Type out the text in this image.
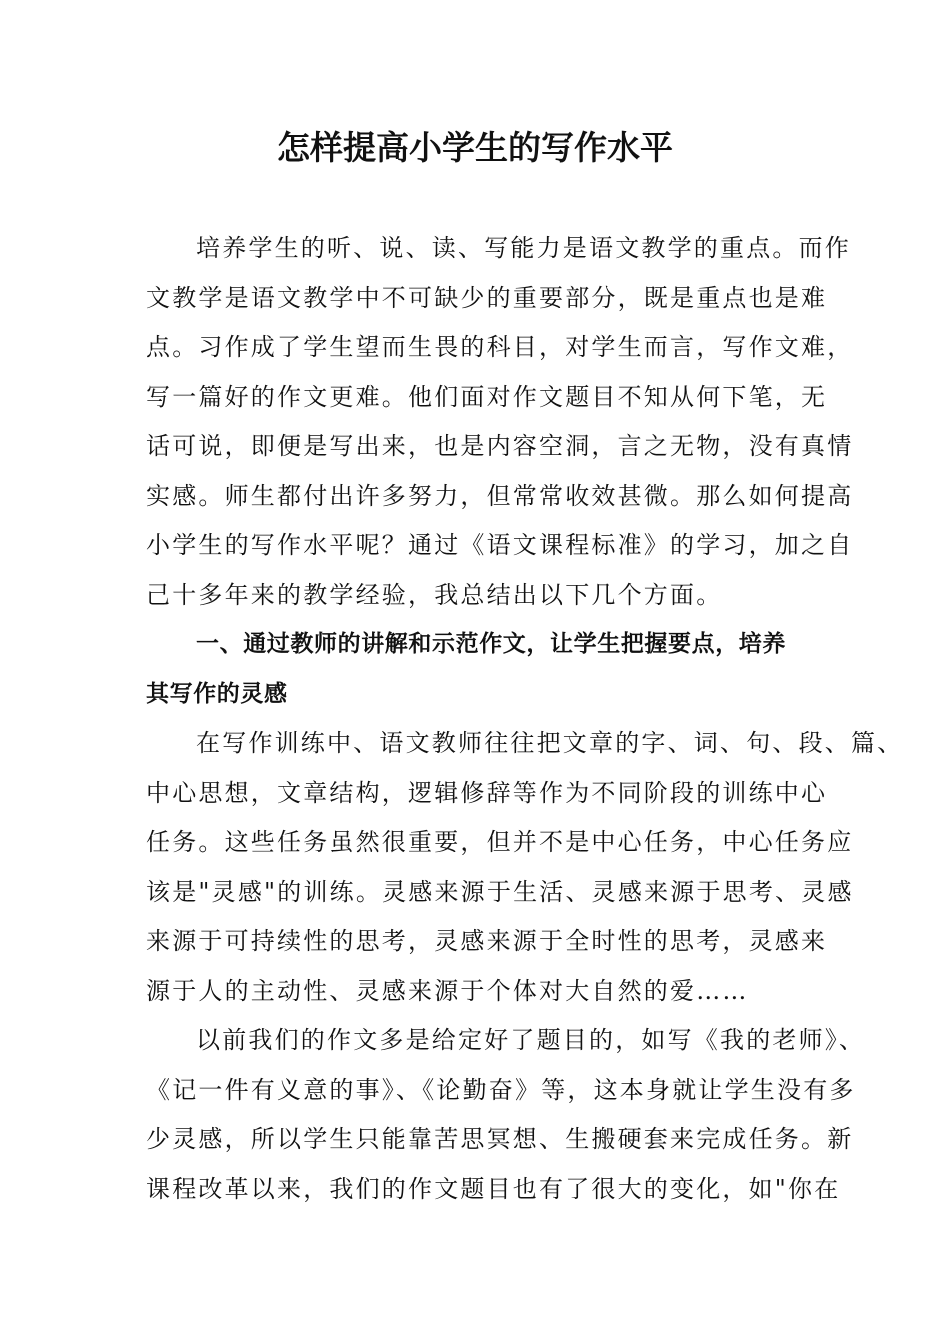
怎样提高小学生的写作水平
培养学生的听、说、读、写能力是语文教学的重点。而作
文教学是语文教学中不可缺少的重要部分，既是重点也是难
点。习作成了学生望而生畏的科目，对学生而言，写作文难，
写一篇好的作文更难。他们面对作文题目不知从何下笔，无
话可说，即便是写出来，也是内容空洞，言之无物，没有真情
实感。师生都付出许多努力，但常常收效甚微。那么如何提高
小学生的写作水平呢？通过《语文课程标准》的学习，加之自
己十多年来的教学经验，我总结出以下几个方面。
一、通过教师的讲解和示范作文，让学生把握要点，培养
其写作的灵感
在写作训练中、语文教师往往把文章的字、词、句、段、篇、
中心思想，文章结构，逻辑修辞等作为不同阶段的训练中心
任务。这些任务虽然很重要，但并不是中心任务，中心任务应
该是"灵感"的训练。灵感来源于生活、灵感来源于思考、灵感
来源于可持续性的思考，灵感来源于全时性的思考，灵感来
源于人的主动性、灵感来源于个体对大自然的爱……
以前我们的作文多是给定好了题目的，如写《我的老师》、
《记一件有义意的事》、《论勤奋》等，这本身就让学生没有多
少灵感，所以学生只能靠苦思冥想、生搬硬套来完成任务。新
课程改革以来，我们的作文题目也有了很大的变化，如"你在
